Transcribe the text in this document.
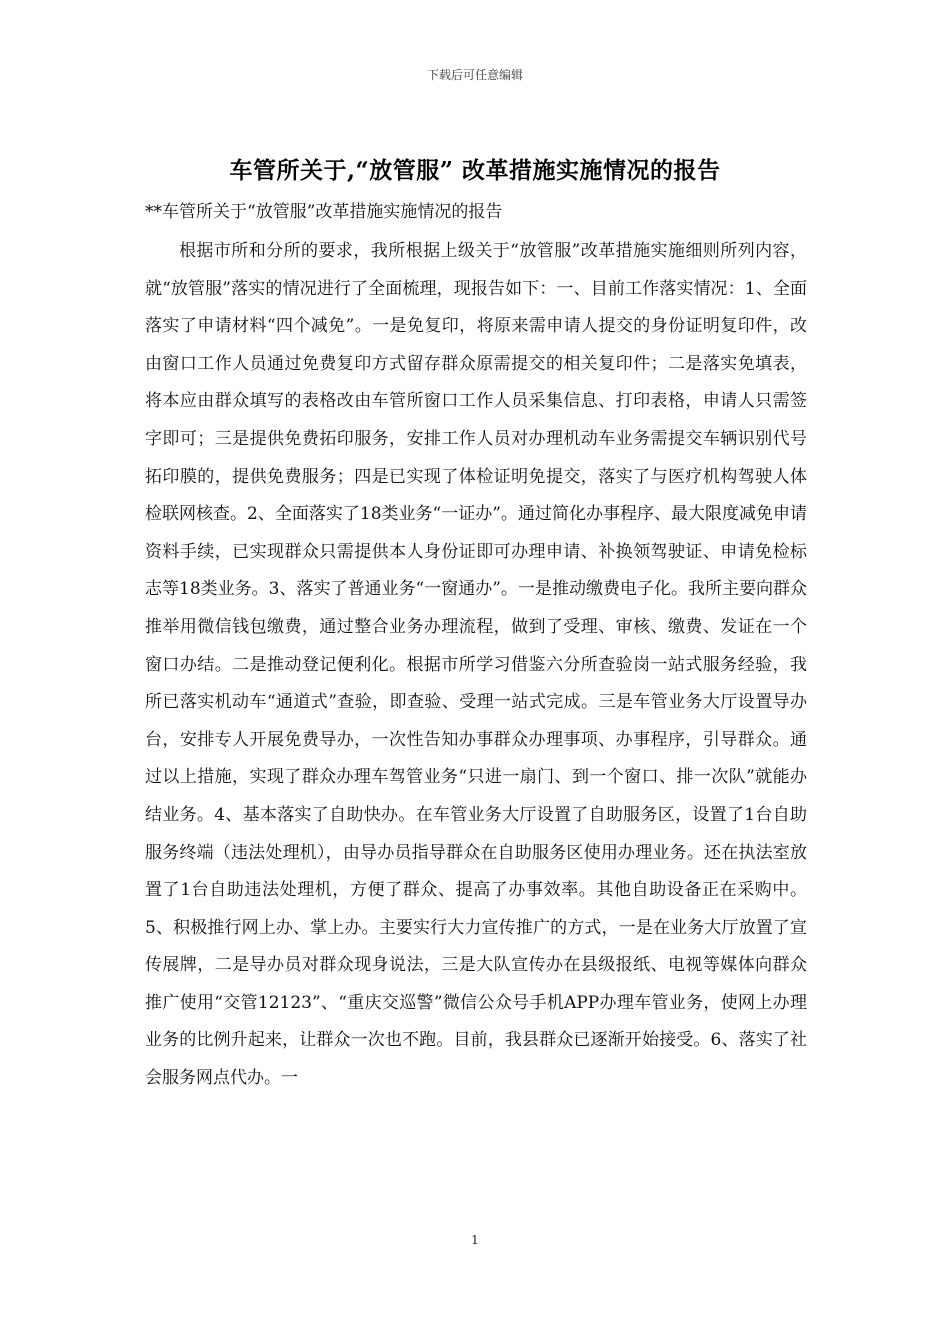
下载后可任意编辑
车管所关于,“放管服” 改革措施实施情况的报告
**车管所关于“放管服”改革措施实施情况的报告

根据市所和分所的要求，我所根据上级关于“放管服”改革措施实施细则所列内容，就“放管服”落实的情况进行了全面梳理，现报告如下：一、目前工作落实情况：1、全面落实了申请材料“四个减免”。一是免复印，将原来需申请人提交的身份证明复印件，改由窗口工作人员通过免费复印方式留存群众原需提交的相关复印件；二是落实免填表，将本应由群众填写的表格改由车管所窗口工作人员采集信息、打印表格，申请人只需签字即可；三是提供免费拓印服务，安排工作人员对办理机动车业务需提交车辆识别代号拓印膜的，提供免费服务；四是已实现了体检证明免提交，落实了与医疗机构驾驶人体检联网核查。2、全面落实了18类业务“一证办”。通过简化办事程序、最大限度减免申请资料手续，已实现群众只需提供本人身份证即可办理申请、补换领驾驶证、申请免检标志等18类业务。3、落实了普通业务“一窗通办”。一是推动缴费电子化。我所主要向群众推举用微信钱包缴费，通过整合业务办理流程，做到了受理、审核、缴费、发证在一个窗口办结。二是推动登记便利化。根据市所学习借鉴六分所查验岗一站式服务经验，我所已落实机动车“通道式”查验，即查验、受理一站式完成。三是车管业务大厅设置导办台，安排专人开展免费导办，一次性告知办事群众办理事项、办事程序，引导群众。通过以上措施，实现了群众办理车驾管业务“只进一扇门、到一个窗口、排一次队”就能办结业务。4、基本落实了自助快办。在车管业务大厅设置了自助服务区，设置了1台自助服务终端（违法处理机），由导办员指导群众在自助服务区使用办理业务。还在执法室放置了1台自助违法处理机，方便了群众、提高了办事效率。其他自助设备正在采购中。5、积极推行网上办、掌上办。主要实行大力宣传推广的方式，一是在业务大厅放置了宣传展牌，二是导办员对群众现身说法，三是大队宣传办在县级报纸、电视等媒体向群众推广使用“交管12123”、“重庆交巡警”微信公众号手机APP办理车管业务，使网上办理业务的比例升起来，让群众一次也不跑。目前，我县群众已逐渐开始接受。6、落实了社会服务网点代办。一

1
